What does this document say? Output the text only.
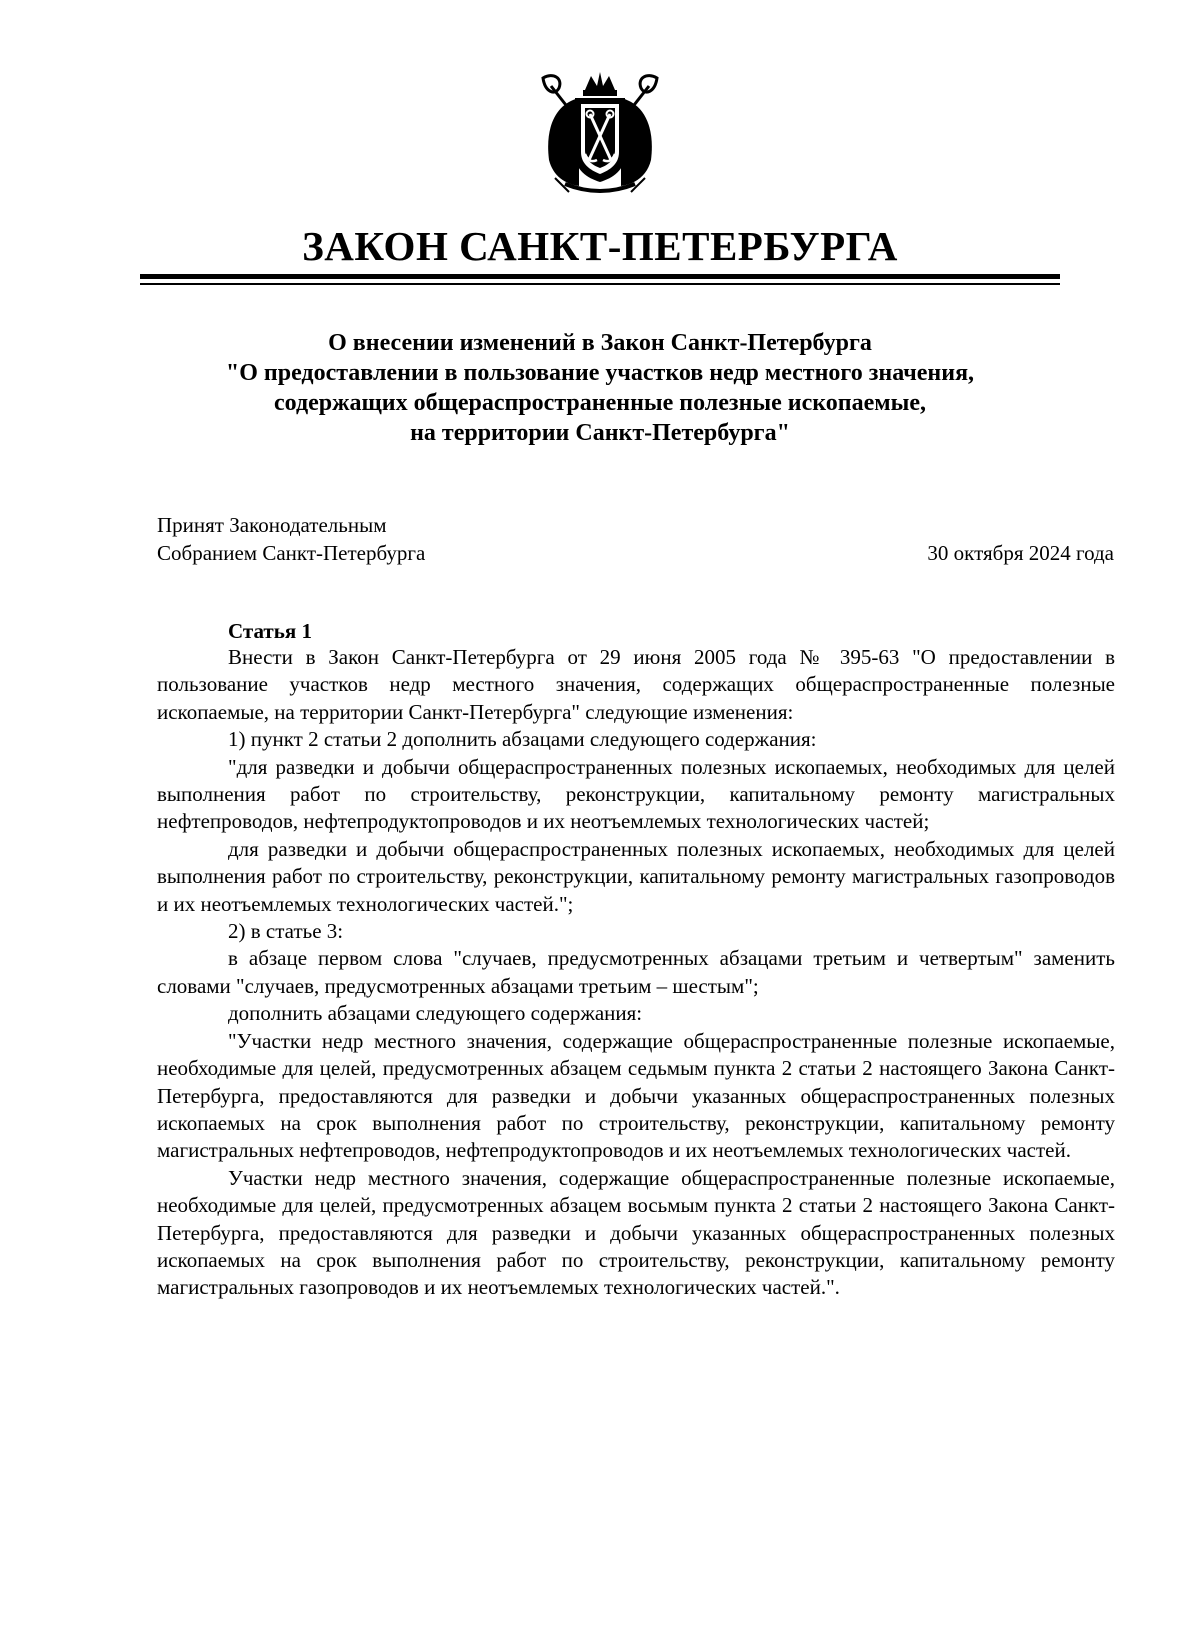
ЗАКОН САНКТ-ПЕТЕРБУРГА
О внесении изменений в Закон Санкт-Петербурга
"О предоставлении в пользование участков недр местного значения,
содержащих общераспространенные полезные ископаемые,
на территории Санкт-Петербурга"
Принят Законодательным
Собранием Санкт-Петербурга	30 октября 2024 года
Статья 1

Внести в Закон Санкт-Петербурга от 29 июня 2005 года № 395-63 "О предоставлении в пользование участков недр местного значения, содержащих общераспространенные полезные ископаемые, на территории Санкт-Петербурга" следующие изменения:

1) пункт 2 статьи 2 дополнить абзацами следующего содержания:

"для разведки и добычи общераспространенных полезных ископаемых, необходимых для целей выполнения работ по строительству, реконструкции, капитальному ремонту магистральных нефтепроводов, нефтепродуктопроводов и их неотъемлемых технологических частей;

для разведки и добычи общераспространенных полезных ископаемых, необходимых для целей выполнения работ по строительству, реконструкции, капитальному ремонту магистральных газопроводов и их неотъемлемых технологических частей.";

2) в статье 3:

в абзаце первом слова "случаев, предусмотренных абзацами третьим и четвертым" заменить словами "случаев, предусмотренных абзацами третьим – шестым";

дополнить абзацами следующего содержания:

"Участки недр местного значения, содержащие общераспространенные полезные ископаемые, необходимые для целей, предусмотренных абзацем седьмым пункта 2 статьи 2 настоящего Закона Санкт-Петербурга, предоставляются для разведки и добычи указанных общераспространенных полезных ископаемых на срок выполнения работ по строительству, реконструкции, капитальному ремонту магистральных нефтепроводов, нефтепродуктопроводов и их неотъемлемых технологических частей.

Участки недр местного значения, содержащие общераспространенные полезные ископаемые, необходимые для целей, предусмотренных абзацем восьмым пункта 2 статьи 2 настоящего Закона Санкт-Петербурга, предоставляются для разведки и добычи указанных общераспространенных полезных ископаемых на срок выполнения работ по строительству, реконструкции, капитальному ремонту магистральных газопроводов и их неотъемлемых технологических частей.".
